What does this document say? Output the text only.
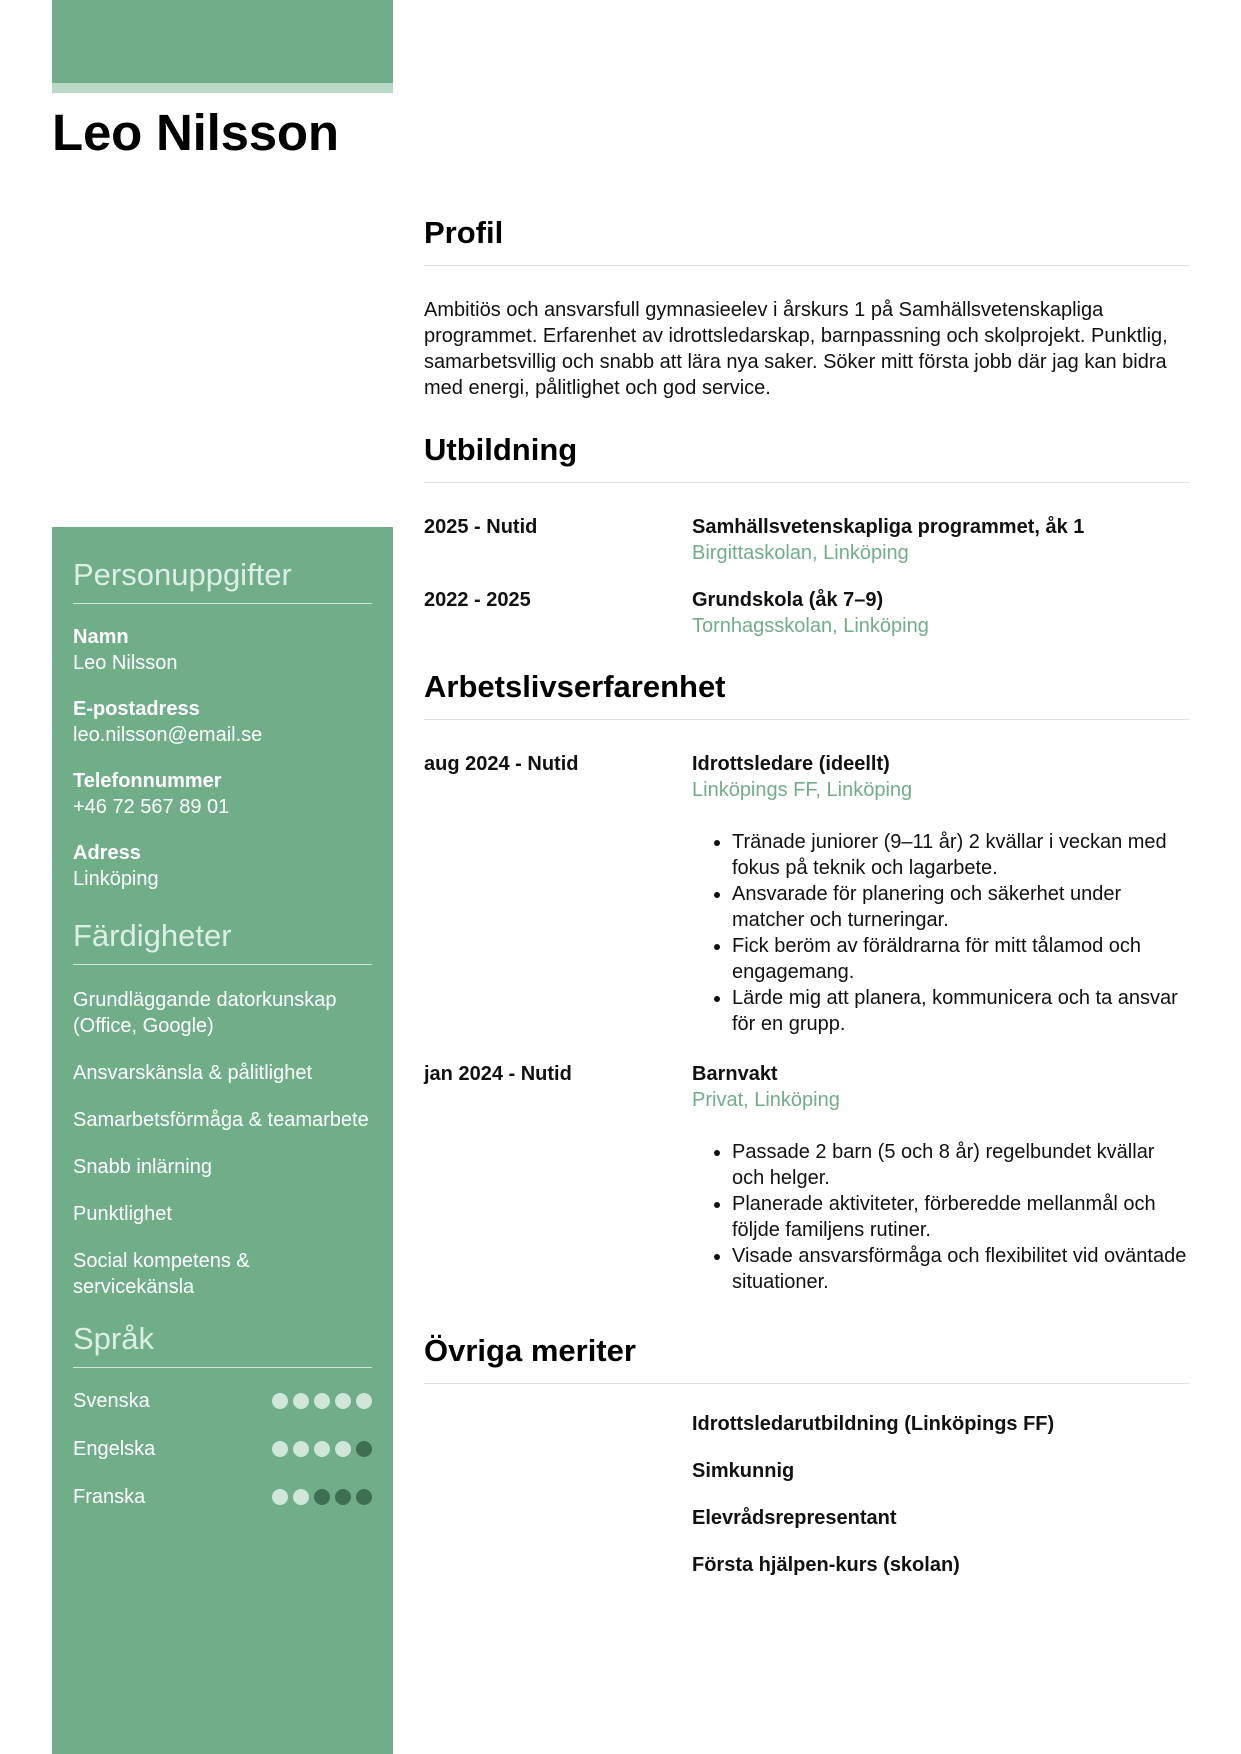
Leo Nilsson
Personuppgifter
Namn
Leo Nilsson
E-postadress
leo.nilsson@email.se
Telefonnummer
+46 72 567 89 01
Adress
Linköping
Färdigheter
Grundläggande datorkunskap (Office, Google)
Ansvarskänsla & pålitlighet
Samarbetsförmåga & teamarbete
Snabb inlärning
Punktlighet
Social kompetens & servicekänsla
Språk
Svenska
Engelska
Franska
Profil

Ambitiös och ansvarsfull gymnasieelev i årskurs 1 på Samhällsvetenskapliga programmet. Erfarenhet av idrottsledarskap, barnpassning och skolprojekt. Punktlig, samarbetsvillig och snabb att lära nya saker. Söker mitt första jobb där jag kan bidra med energi, pålitlighet och god service.

Utbildning
2025 - Nutid	Samhällsvetenskapliga programmet, åk 1
Birgittaskolan, Linköping
2022 - 2025	Grundskola (åk 7–9)
Tornhagsskolan, Linköping
Arbetslivserfarenhet
aug 2024 - Nutid	Idrottsledare (ideellt)
Linköpings FF, Linköping
• Tränade juniorer (9–11 år) 2 kvällar i veckan med fokus på teknik och lagarbete.
• Ansvarade för planering och säkerhet under matcher och turneringar.
• Fick beröm av föräldrarna för mitt tålamod och engagemang.
• Lärde mig att planera, kommunicera och ta ansvar för en grupp.
jan 2024 - Nutid	Barnvakt
Privat, Linköping
• Passade 2 barn (5 och 8 år) regelbundet kvällar och helger.
• Planerade aktiviteter, förberedde mellanmål och följde familjens rutiner.
• Visade ansvarsförmåga och flexibilitet vid oväntade situationer.
Övriga meriter
Idrottsledarutbildning (Linköpings FF)
Simkunnig
Elevrådsrepresentant
Första hjälpen-kurs (skolan)
